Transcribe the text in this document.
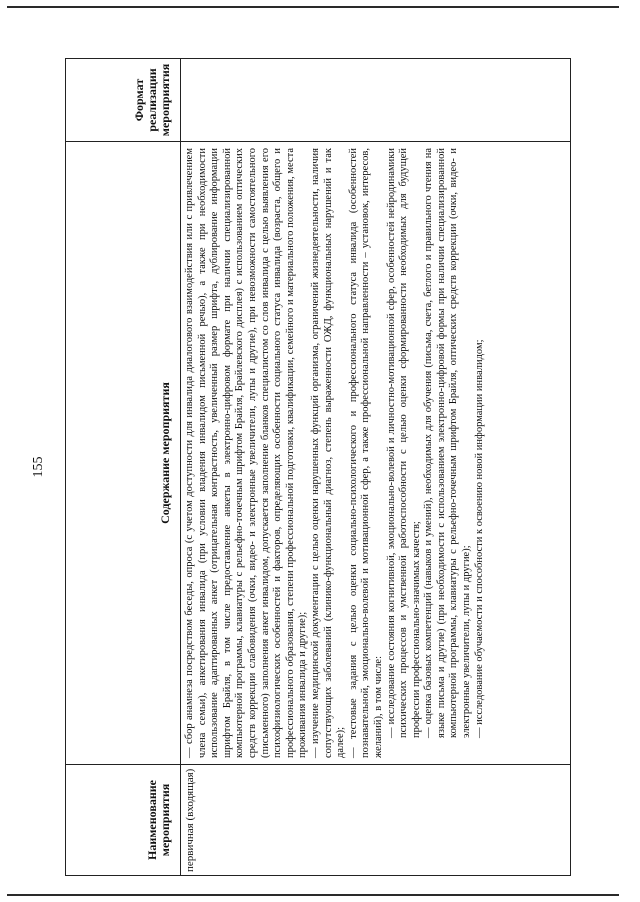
155
Наименование мероприятия
Содержание мероприятия
Формат реализации мероприятия
первичная (входящая)

— сбор анамнеза посредством беседы, опроса (с учетом доступности для инвалида диалогового взаимодействия или с привлечением члена семьи), анкетирования инвалида (при условии владения инвалидом письменной речью), а также при необходимости использование адаптированных анкет (отрицательная контрастность, увеличенный размер шрифта, дублирование информации шрифтом Брайля, в том числе предоставление анкеты в электронно-цифровом формате при наличии специализированной компьютерной программы, клавиатуры с рельефно-точечным шрифтом Брайля, Брайлевского дисплея) с использованием оптических средств коррекции слабовидения (очки, видео- и электронные увеличители, лупы и другие), при невозможности самостоятельного (письменного) заполнения анкет инвалидом, допускается заполнение бланков специалистом со слов инвалида с целью выявления его психофизиологических особенностей и факторов, определяющих особенности социального статуса инвалида (возраста, общего и профессионального образования, степени профессиональной подготовки, квалификации, семейного и материального положения, места проживания инвалида и другие); — изучение медицинской документации с целью оценки нарушенных функций организма, ограничений жизнедеятельности, наличия сопутствующих заболеваний (клинико-функциональный диагноз, степень выраженности ОЖД, функциональных нарушений и так далее); — тестовые задания с целью оценки социально-психологического и профессионального статуса инвалида (особенностей познавательной, эмоционально-волевой и мотивационной сфер, а также профессиональной направленности – установок, интересов, желаний), в том числе: — исследование состояния когнитивной, эмоционально-волевой и личностно-мотивационной сфер, особенностей нейродинамики психических процессов и умственной работоспособности с целью оценки сформированности необходимых для будущей профессии профессионально-значимых качеств; — оценка базовых компетенций (навыков и умений), необходимых для обучения (письма, счета, беглого и правильного чтения на языке письма и другие) (при необходимости с использованием электронно-цифровой формы при наличии специализированной компьютерной программы, клавиатуры с рельефно-точечным шрифтом Брайля, оптических средств коррекции (очки, видео- и электронные увеличители, лупы и другие); — исследование обучаемости и способности к освоению новой информации инвалидом;
